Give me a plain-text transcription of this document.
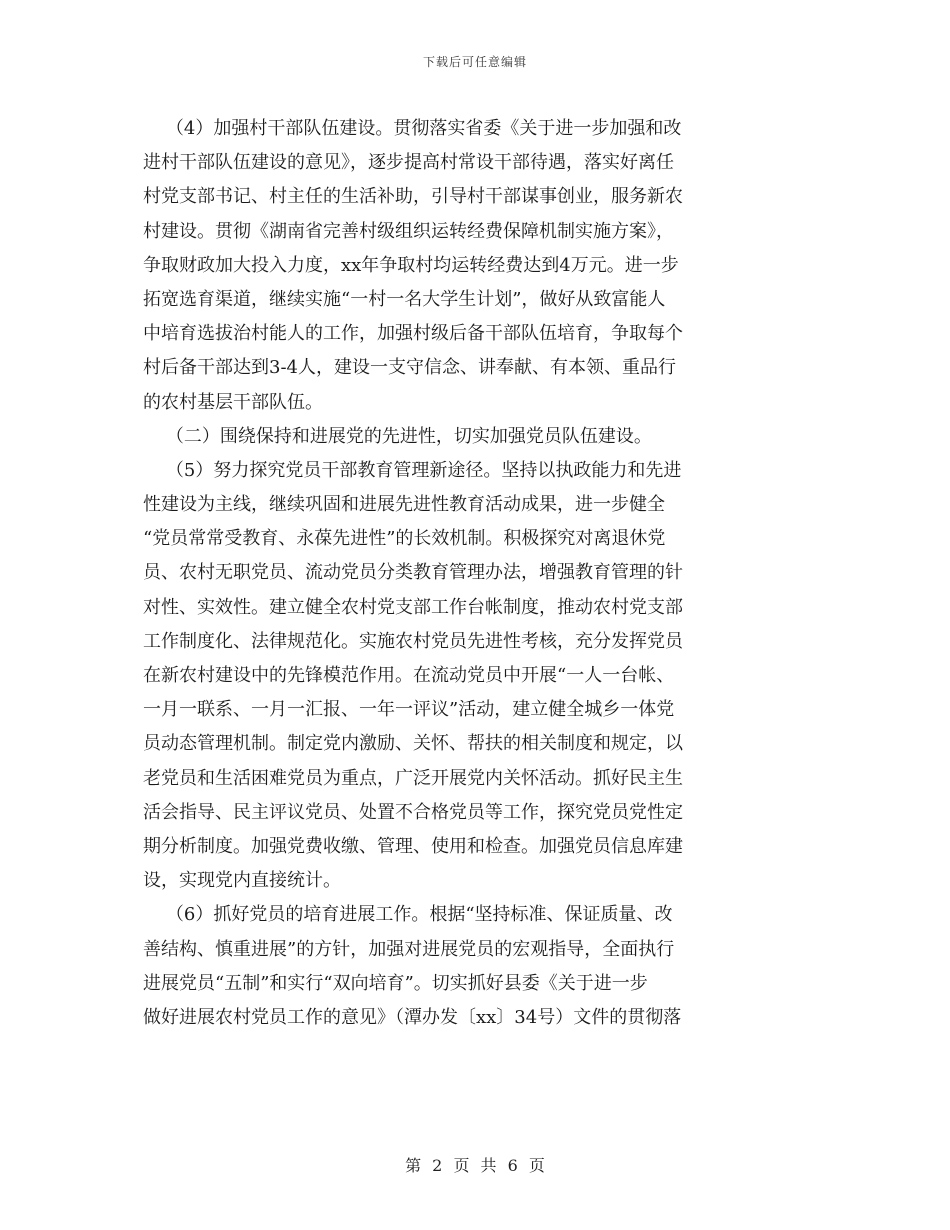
下载后可任意编辑
（4）加强村干部队伍建设。贯彻落实省委《关于进一步加强和改
进村干部队伍建设的意见》，逐步提高村常设干部待遇，落实好离任
村党支部书记、村主任的生活补助，引导村干部谋事创业，服务新农
村建设。贯彻《湖南省完善村级组织运转经费保障机制实施方案》，
争取财政加大投入力度，xx年争取村均运转经费达到4万元。进一步
拓宽选育渠道，继续实施“一村一名大学生计划”，做好从致富能人
中培育选拔治村能人的工作，加强村级后备干部队伍培育，争取每个
村后备干部达到3-4人，建设一支守信念、讲奉献、有本领、重品行
的农村基层干部队伍。
（二）围绕保持和进展党的先进性，切实加强党员队伍建设。
（5）努力探究党员干部教育管理新途径。坚持以执政能力和先进
性建设为主线，继续巩固和进展先进性教育活动成果，进一步健全
“党员常常受教育、永葆先进性”的长效机制。积极探究对离退休党
员、农村无职党员、流动党员分类教育管理办法，增强教育管理的针
对性、实效性。建立健全农村党支部工作台帐制度，推动农村党支部
工作制度化、法律规范化。实施农村党员先进性考核，充分发挥党员
在新农村建设中的先锋模范作用。在流动党员中开展“一人一台帐、
一月一联系、一月一汇报、一年一评议”活动，建立健全城乡一体党
员动态管理机制。制定党内激励、关怀、帮扶的相关制度和规定，以
老党员和生活困难党员为重点，广泛开展党内关怀活动。抓好民主生
活会指导、民主评议党员、处置不合格党员等工作，探究党员党性定
期分析制度。加强党费收缴、管理、使用和检查。加强党员信息库建
设，实现党内直接统计。
（6）抓好党员的培育进展工作。根据“坚持标准、保证质量、改
善结构、慎重进展”的方针，加强对进展党员的宏观指导，全面执行
进展党员“五制”和实行“双向培育”。切实抓好县委《关于进一步
做好进展农村党员工作的意见》（潭办发〔xx〕34号）文件的贯彻落
第 2 页 共 6 页
